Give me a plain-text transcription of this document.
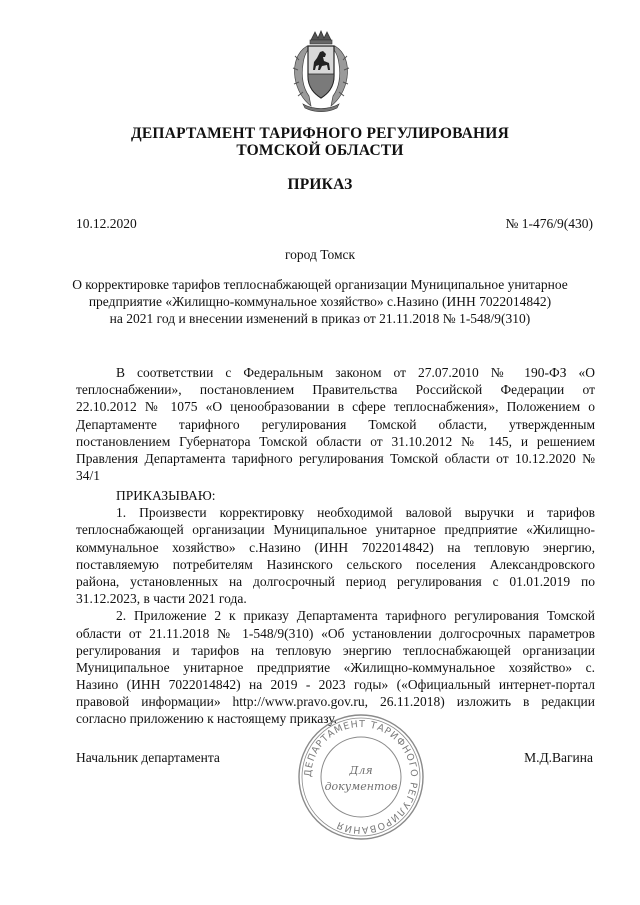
ДЕПАРТАМЕНТ ТАРИФНОГО РЕГУЛИРОВАНИЯ
ТОМСКОЙ ОБЛАСТИ
ПРИКАЗ
10.12.2020	№ 1-476/9(430)
город Томск
О корректировке тарифов теплоснабжающей организации Муниципальное унитарное
предприятие «Жилищно-коммунальное хозяйство» с.Назино (ИНН 7022014842)
на 2021 год и внесении изменений в приказ от 21.11.2018 № 1-548/9(310)
В соответствии с Федеральным законом от 27.07.2010 № 190-ФЗ «О
теплоснабжении», постановлением Правительства Российской Федерации от
22.10.2012 № 1075 «О ценообразовании в сфере теплоснабжения», Положением о
Департаменте тарифного регулирования Томской области, утвержденным
постановлением Губернатора Томской области от 31.10.2012 № 145, и решением
Правления Департамента тарифного регулирования Томской области от 10.12.2020 №
34/1
ПРИКАЗЫВАЮ:
1. Произвести корректировку необходимой валовой выручки и тарифов
теплоснабжающей организации Муниципальное унитарное предприятие «Жилищно-
коммунальное хозяйство» с.Назино (ИНН 7022014842) на тепловую энергию,
поставляемую потребителям Назинского сельского поселения Александровского
района, установленных на долгосрочный период регулирования с 01.01.2019 по
31.12.2023, в части 2021 года.
2. Приложение 2 к приказу Департамента тарифного регулирования Томской
области от 21.11.2018 № 1-548/9(310) «Об установлении долгосрочных параметров
регулирования и тарифов на тепловую энергию теплоснабжающей организации
Муниципальное унитарное предприятие «Жилищно-коммунальное хозяйство» с.
Назино (ИНН 7022014842) на 2019 - 2023 годы» («Официальный интернет-портал
правовой информации» http://www.pravo.gov.ru, 26.11.2018) изложить в редакции
согласно приложению к настоящему приказу.
Начальник департамента	М.Д.Вагина
ДЕПАРТАМЕНТ ТАРИФНОГО РЕГУЛИРОВАНИЯ
Для
документов
